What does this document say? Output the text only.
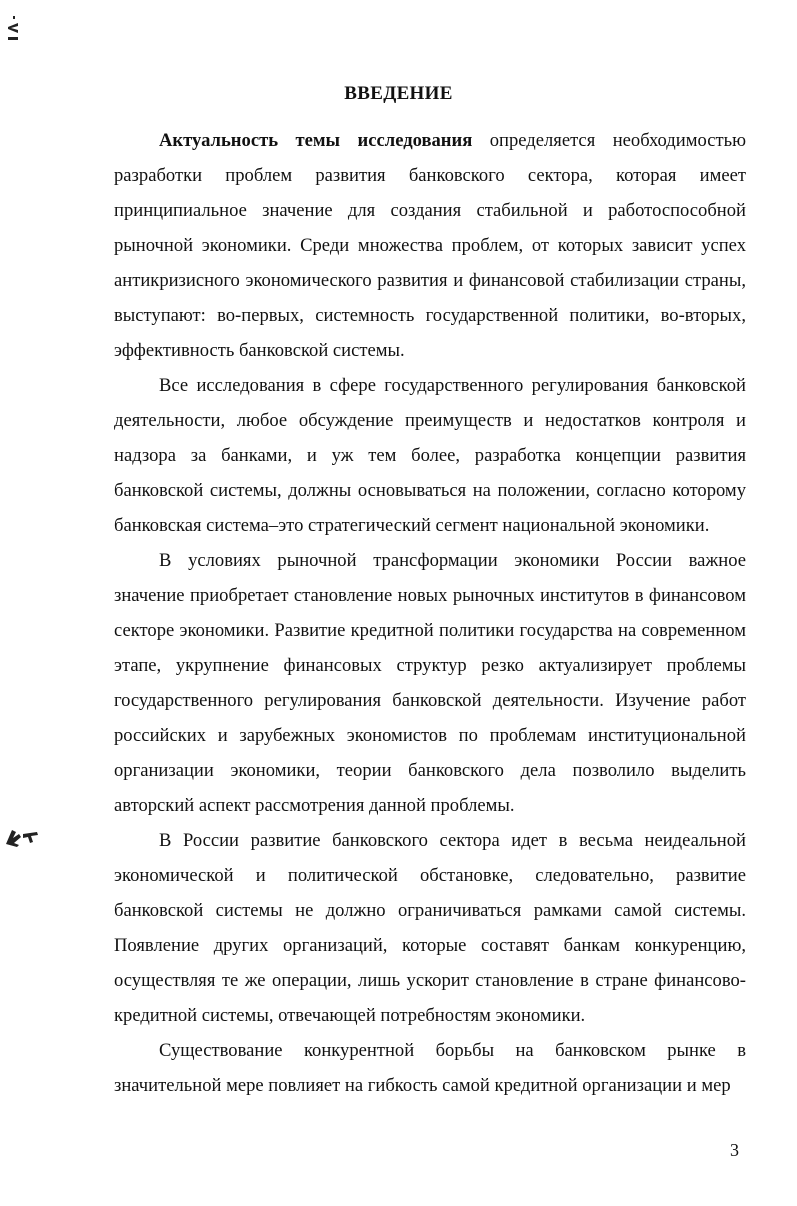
ВВЕДЕНИЕ

Актуальность темы исследования определяется необходимостью разработки проблем развития банковского сектора, которая имеет принципиальное значение для создания стабильной и работоспособной рыночной экономики. Среди множества проблем, от которых зависит успех антикризисного экономического развития и финансовой стабилизации страны, выступают: во-первых, системность государственной политики, во-вторых, эффективность банковской системы.

Все исследования в сфере государственного регулирования банковской деятельности, любое обсуждение преимуществ и недостатков контроля и надзора за банками, и уж тем более, разработка концепции развития банковской системы, должны основываться на положении, согласно которому банковская система–это стратегический сегмент национальной экономики.

В условиях рыночной трансформации экономики России важное значение приобретает становление новых рыночных институтов в финансовом секторе экономики. Развитие кредитной политики государства на современном этапе, укрупнение финансовых структур резко актуализирует проблемы государственного регулирования банковской деятельности. Изучение работ российских и зарубежных экономистов по проблемам институциональной организации экономики, теории банковского дела позволило выделить авторский аспект рассмотрения данной проблемы.

В России развитие банковского сектора идет в весьма неидеальной экономической и политической обстановке, следовательно, развитие банковской системы не должно ограничиваться рамками самой системы. Появление других организаций, которые составят банкам конкуренцию, осуществляя те же операции, лишь ускорит становление в стране финансово-кредитной системы, отвечающей потребностям экономики.

Существование конкурентной борьбы на банковском рынке в значительной мере повлияет на гибкость самой кредитной организации и мер

3
